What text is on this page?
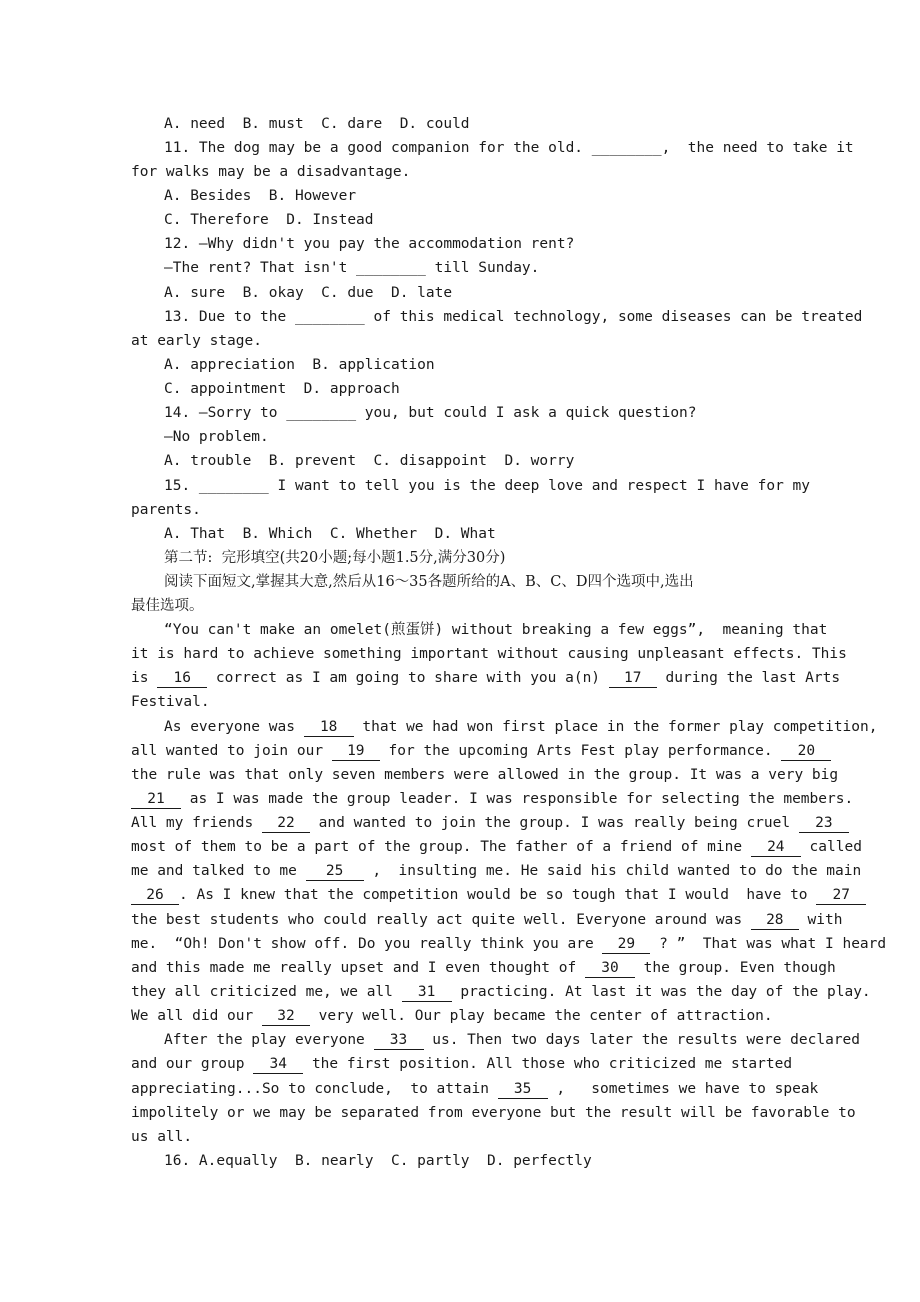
A. need  B. must  C. dare  D. could
11. The dog may be a good companion for the old. ________,  the need to take it
for walks may be a disadvantage.
A. Besides  B. However
C. Therefore  D. Instead
12. —Why didn't you pay the accommodation rent?
—The rent? That isn't ________ till Sunday.
A. sure  B. okay  C. due  D. late
13. Due to the ________ of this medical technology, some diseases can be treated
at early stage.
A. appreciation  B. application
C. appointment  D. approach
14. —Sorry to ________ you, but could I ask a quick question?
—No problem.
A. trouble  B. prevent  C. disappoint  D. worry
15. ________ I want to tell you is the deep love and respect I have for my
parents.
A. That  B. Which  C. Whether  D. What
第二节:  完形填空(共20小题;每小题1.5分,满分30分)
阅读下面短文,掌握其大意,然后从16～35各题所给的A、B、C、D四个选项中,选出
最佳选项。
“You can't make an omelet(煎蛋饼) without breaking a few eggs”,  meaning that
it is hard to achieve something important without causing unpleasant effects. This
is 16 correct as I am going to share with you a(n) 17 during the last Arts
Festival.
As everyone was 18 that we had won first place in the former play competition,
all wanted to join our 19 for the upcoming Arts Fest play performance. 20
the rule was that only seven members were allowed in the group. It was a very big
21 as I was made the group leader. I was responsible for selecting the members.
All my friends 22 and wanted to join the group. I was really being cruel 23
most of them to be a part of the group. The father of a friend of mine 24 called
me and talked to me 25 ,  insulting me. He said his child wanted to do the main
26 . As I knew that the competition would be so tough that I would  have to 27
the best students who could really act quite well. Everyone around was 28 with
me.  “Oh! Don't show off. Do you really think you are 29 ? ”  That was what I heard
and this made me really upset and I even thought of 30 the group. Even though
they all criticized me, we all 31 practicing. At last it was the day of the play.
We all did our 32 very well. Our play became the center of attraction.
After the play everyone 33 us. Then two days later the results were declared
and our group 34 the first position. All those who criticized me started
appreciating...So to conclude,  to attain 35 ,   sometimes we have to speak
impolitely or we may be separated from everyone but the result will be favorable to
us all.
16. A.equally  B. nearly  C. partly  D. perfectly
